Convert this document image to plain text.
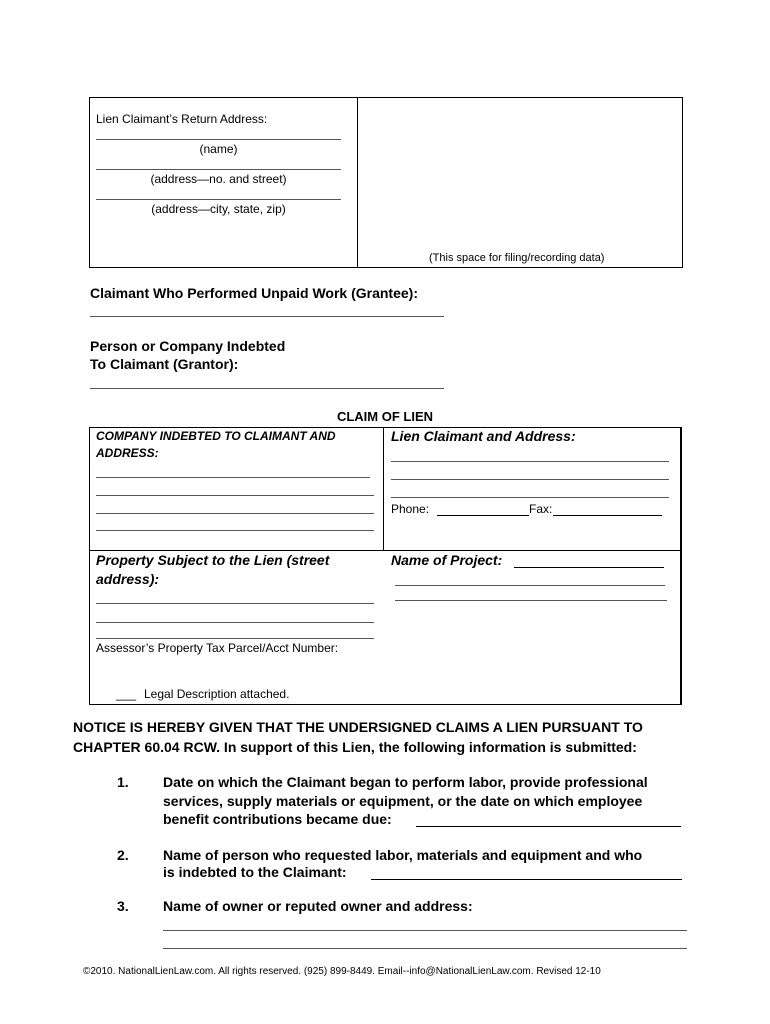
Lien Claimant’s Return Address:
(name)
(address—no. and street)
(address—city, state, zip)
(This space for filing/recording data)
Claimant Who Performed Unpaid Work (Grantee):
Person or Company Indebted
To Claimant (Grantor):
CLAIM OF LIEN
COMPANY INDEBTED TO CLAIMANT AND
ADDRESS:
Lien Claimant and Address:
Phone:	Fax:
Property Subject to the Lien (street
address):
Assessor’s Property Tax Parcel/Acct Number:
___ Legal Description attached.
Name of Project:
NOTICE IS HEREBY GIVEN THAT THE UNDERSIGNED CLAIMS A LIEN PURSUANT TO
CHAPTER 60.04 RCW. In support of this Lien, the following information is submitted:
1. Date on which the Claimant began to perform labor, provide professional
services, supply materials or equipment, or the date on which employee
benefit contributions became due:
2. Name of person who requested labor, materials and equipment and who
is indebted to the Claimant:
3. Name of owner or reputed owner and address:
©2010. NationalLienLaw.com. All rights reserved. (925) 899-8449. Email--info@NationalLienLaw.com. Revised 12-10
